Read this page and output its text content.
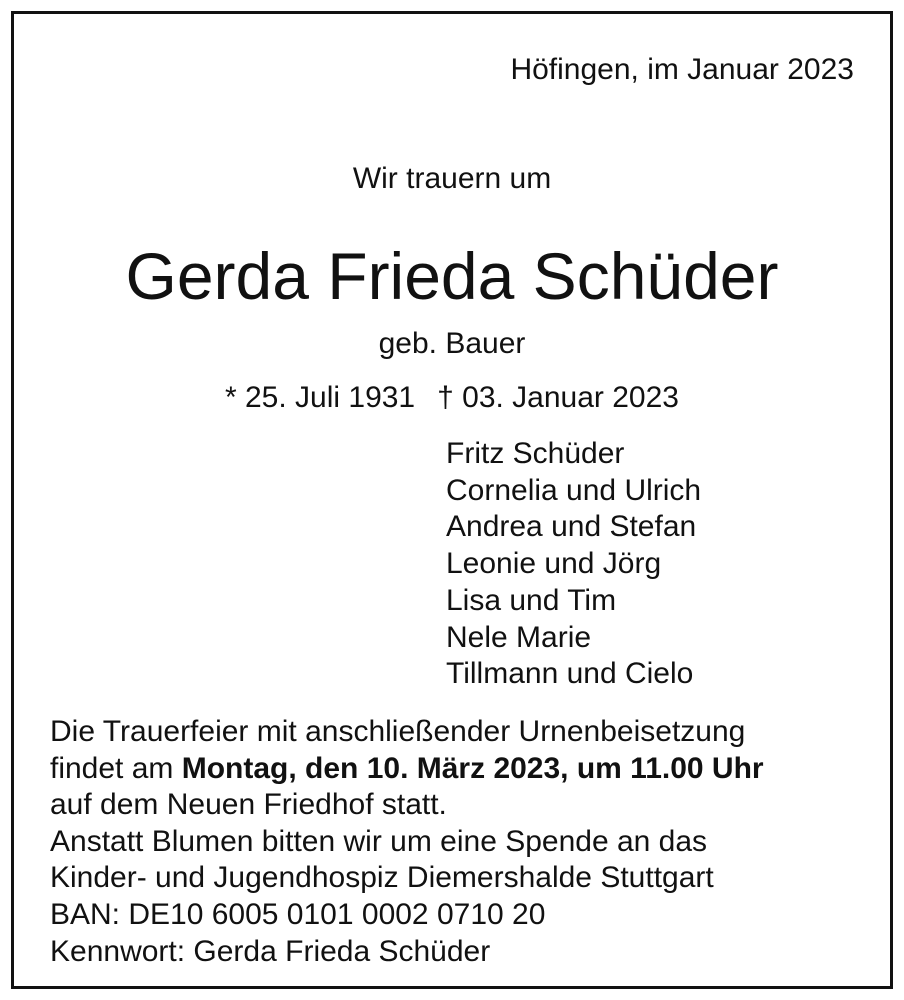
Höfingen, im Januar 2023
Wir trauern um
Gerda Frieda Schüder
geb. Bauer
* 25. Juli 1931 † 03. Januar 2023
Fritz Schüder
Cornelia und Ulrich
Andrea und Stefan
Leonie und Jörg
Lisa und Tim
Nele Marie
Tillmann und Cielo
Die Trauerfeier mit anschließender Urnenbeisetzung
findet am Montag, den 10. März 2023, um 11.00 Uhr
auf dem Neuen Friedhof statt.
Anstatt Blumen bitten wir um eine Spende an das
Kinder- und Jugendhospiz Diemershalde Stuttgart
BAN: DE10 6005 0101 0002 0710 20
Kennwort: Gerda Frieda Schüder
